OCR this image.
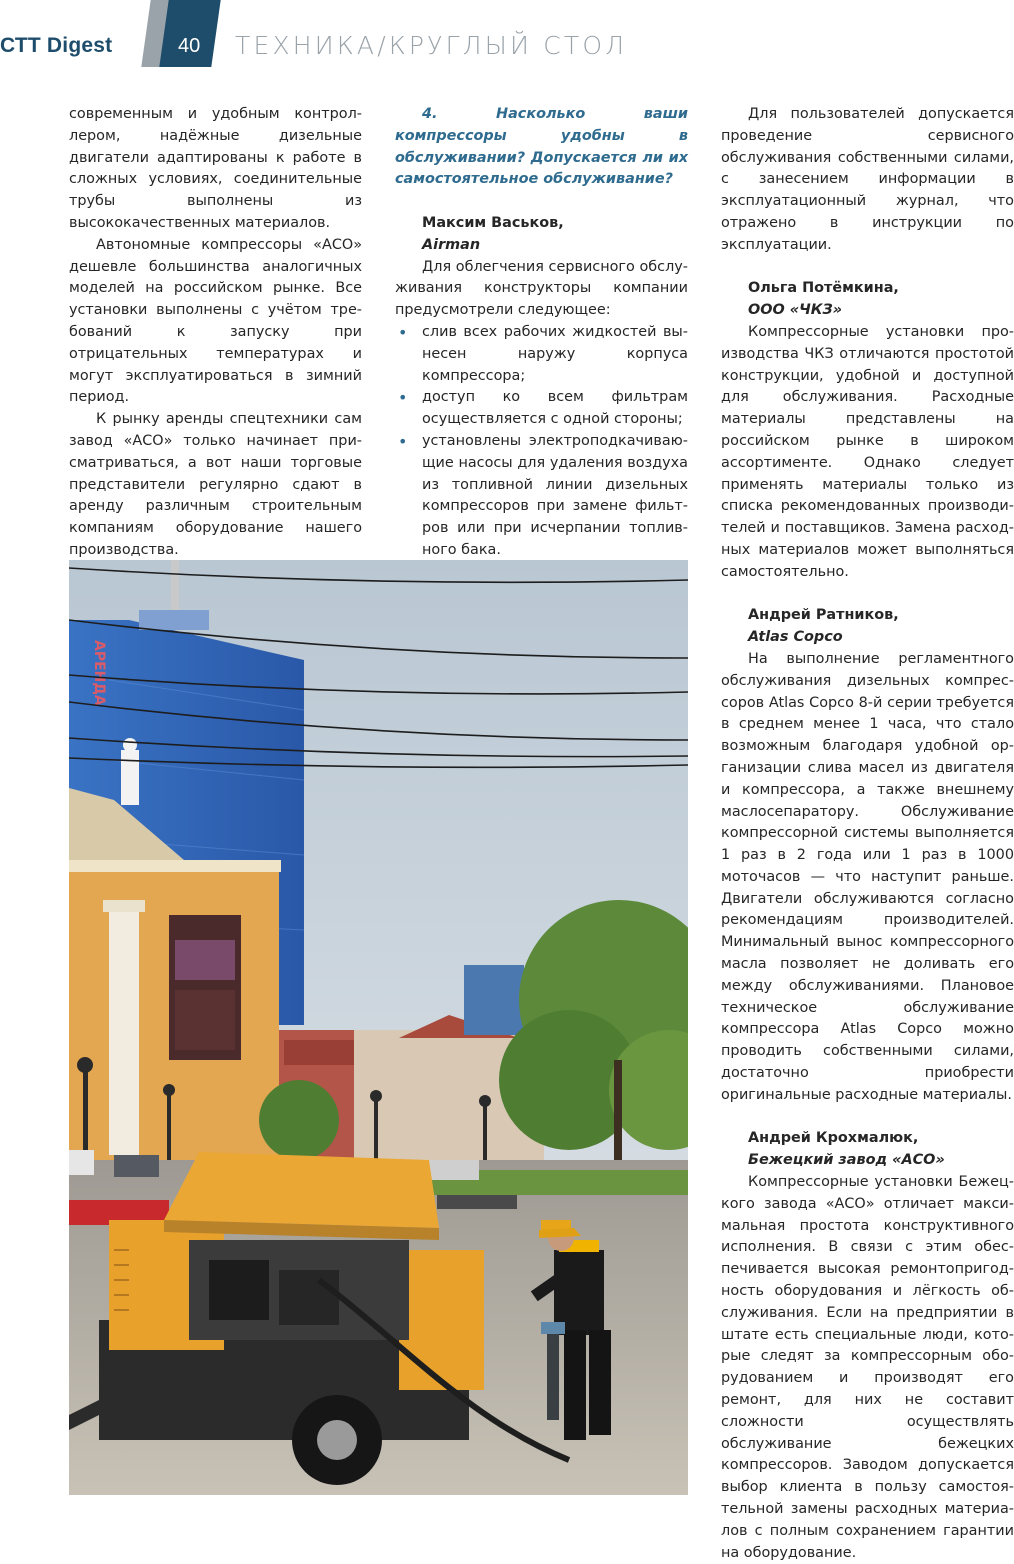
СТТ Digest	40	ТЕХНИКА/КРУГЛЫЙ СТОЛ

современным и удобным контроллером, надёжные дизельные двигатели адаптированы к работе в сложных условиях, соединительные трубы выполнены из высококачественных материалов.

Автономные компрессоры «АСО» дешевле большинства аналогичных моделей на российском рынке. Все установки выполнены с учётом требований к запуску при отрицательных температурах и могут эксплуатироваться в зимний период.

К рынку аренды спецтехники сам завод «АСО» только начинает присматриваться, а вот наши торговые представители регулярно сдают в аренду различным строительным компаниям оборудование нашего производства.

4. Насколько ваши компрессоры удобны в обслуживании? Допускается ли их самостоятельное обслуживание?

Максим Васьков,
Airman

Для облегчения сервисного обслуживания конструкторы компании предусмотрели следующее:

• слив всех рабочих жидкостей вынесен наружу корпуса компрессора;
• доступ ко всем фильтрам осуществляется с одной стороны;
• установлены электроподкачивающие насосы для удаления воздуха из топливной линии дизельных компрессоров при замене фильтров или при исчерпании топливного бака.

Для пользователей допускается проведение сервисного обслуживания собственными силами, с занесением информации в эксплуатационный журнал, что отражено в инструкции по эксплуатации.

Ольга Потёмкина,
ООО «ЧКЗ»

Компрессорные установки производства ЧКЗ отличаются простотой конструкции, удобной и доступной для обслуживания. Расходные материалы представлены на российском рынке в широком ассортименте. Однако следует применять материалы только из списка рекомендованных производителей и поставщиков. Замена расходных материалов может выполняться самостоятельно.

Андрей Ратников,
Atlas Copco

На выполнение регламентного обслуживания дизельных компрессоров Atlas Copco 8-й серии требуется в среднем менее 1 часа, что стало возможным благодаря удобной организации слива масел из двигателя и компрессора, а также внешнему маслосепаратору. Обслуживание компрессорной системы выполняется 1 раз в 2 года или 1 раз в 1000 моточасов — что наступит раньше. Двигатели обслуживаются согласно рекомендациям производителей. Минимальный вынос компрессорного масла позволяет не доливать его между обслуживаниями. Плановое техническое обслуживание компрессора Atlas Copco можно проводить собственными силами, достаточно приобрести оригинальные расходные материалы.

Андрей Крохмалюк,
Бежецкий завод «АСО»

Компрессорные установки Бежецкого завода «АСО» отличает максимальная простота конструктивного исполнения. В связи с этим обеспечивается высокая ремонтопригодность оборудования и лёгкость обслуживания. Если на предприятии в штате есть специальные люди, которые следят за компрессорным оборудованием и производят его ремонт, для них не составит сложности осуществлять обслуживание бежецких компрессоров. Заводом допускается выбор клиента в пользу самостоятельной замены расходных материалов с полным сохранением гарантии на оборудование.

АРЕНДА
